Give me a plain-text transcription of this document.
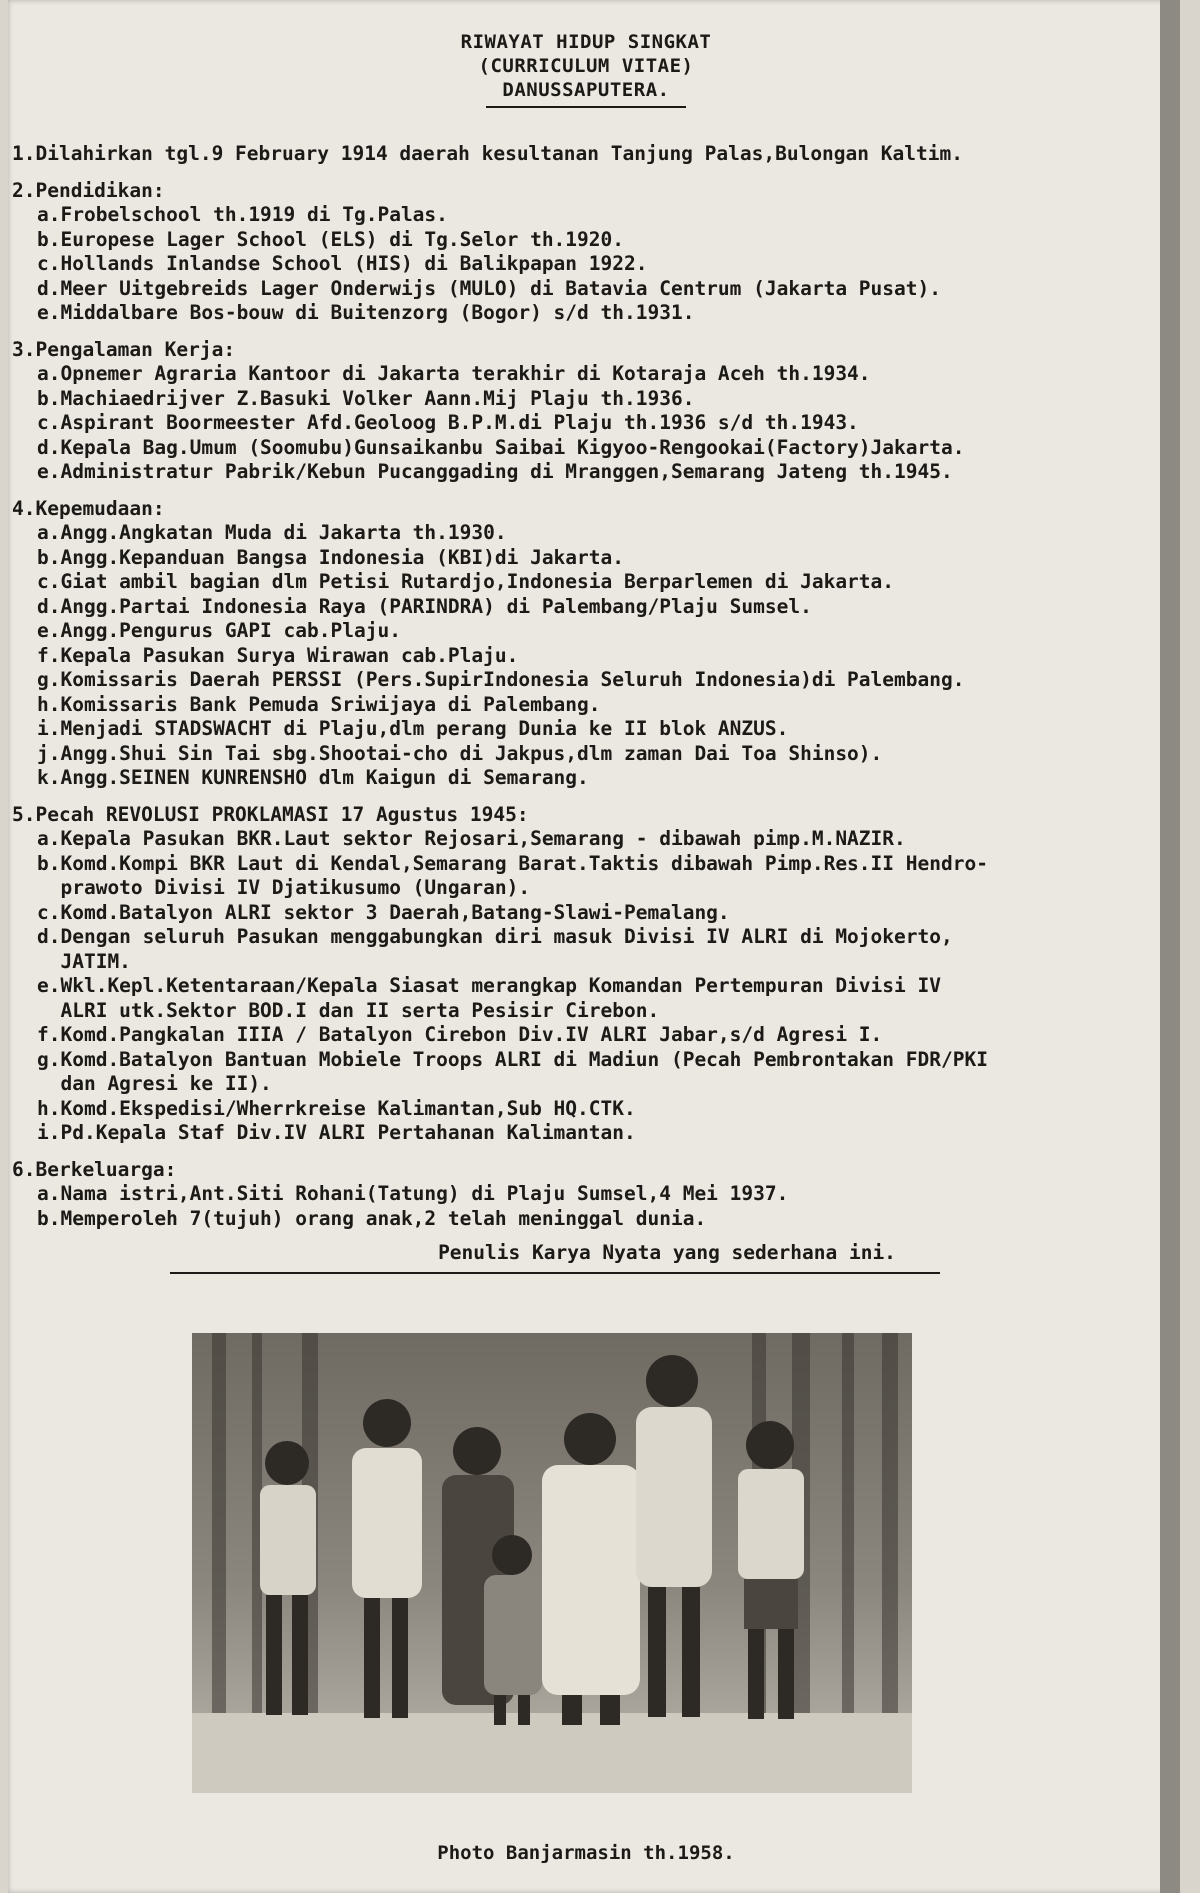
RIWAYAT HIDUP SINGKAT
(CURRICULUM VITAE)
DANUSSAPUTERA.
1.Dilahirkan tgl.9 February 1914 daerah kesultanan Tanjung Palas,Bulongan Kaltim.
2.Pendidikan:
a.Frobelschool th.1919 di Tg.Palas.
b.Europese Lager School (ELS) di Tg.Selor th.1920.
c.Hollands Inlandse School (HIS) di Balikpapan 1922.
d.Meer Uitgebreids Lager Onderwijs (MULO) di Batavia Centrum (Jakarta Pusat).
e.Middalbare Bos-bouw di Buitenzorg (Bogor) s/d th.1931.
3.Pengalaman Kerja:
a.Opnemer Agraria Kantoor di Jakarta terakhir di Kotaraja Aceh th.1934.
b.Machiaedrijver Z.Basuki Volker Aann.Mij Plaju th.1936.
c.Aspirant Boormeester Afd.Geoloog B.P.M.di Plaju th.1936 s/d th.1943.
d.Kepala Bag.Umum (Soomubu)Gunsaikanbu Saibai Kigyoo-Rengookai(Factory)Jakarta.
e.Administratur Pabrik/Kebun Pucanggading di Mranggen,Semarang Jateng th.1945.
4.Kepemudaan:
a.Angg.Angkatan Muda di Jakarta th.1930.
b.Angg.Kepanduan Bangsa Indonesia (KBI)di Jakarta.
c.Giat ambil bagian dlm Petisi Rutardjo,Indonesia Berparlemen di Jakarta.
d.Angg.Partai Indonesia Raya (PARINDRA) di Palembang/Plaju Sumsel.
e.Angg.Pengurus GAPI cab.Plaju.
f.Kepala Pasukan Surya Wirawan cab.Plaju.
g.Komissaris Daerah PERSSI (Pers.SupirIndonesia Seluruh Indonesia)di Palembang.
h.Komissaris Bank Pemuda Sriwijaya di Palembang.
i.Menjadi STADSWACHT di Plaju,dlm perang Dunia ke II blok ANZUS.
j.Angg.Shui Sin Tai sbg.Shootai-cho di Jakpus,dlm zaman Dai Toa Shinso).
k.Angg.SEINEN KUNRENSHO dlm Kaigun di Semarang.
5.Pecah REVOLUSI PROKLAMASI 17 Agustus 1945:
a.Kepala Pasukan BKR.Laut sektor Rejosari,Semarang - dibawah pimp.M.NAZIR.
b.Komd.Kompi BKR Laut di Kendal,Semarang Barat.Taktis dibawah Pimp.Res.II Hendro-
prawoto Divisi IV Djatikusumo (Ungaran).
c.Komd.Batalyon ALRI sektor 3 Daerah,Batang-Slawi-Pemalang.
d.Dengan seluruh Pasukan menggabungkan diri masuk Divisi IV ALRI di Mojokerto,
JATIM.
e.Wkl.Kepl.Ketentaraan/Kepala Siasat merangkap Komandan Pertempuran Divisi IV
ALRI utk.Sektor BOD.I dan II serta Pesisir Cirebon.
f.Komd.Pangkalan IIIA / Batalyon Cirebon Div.IV ALRI Jabar,s/d Agresi I.
g.Komd.Batalyon Bantuan Mobiele Troops ALRI di Madiun (Pecah Pembrontakan FDR/PKI
dan Agresi ke II).
h.Komd.Ekspedisi/Wherrkreise Kalimantan,Sub HQ.CTK.
i.Pd.Kepala Staf Div.IV ALRI Pertahanan Kalimantan.
6.Berkeluarga:
a.Nama istri,Ant.Siti Rohani(Tatung) di Plaju Sumsel,4 Mei 1937.
b.Memperoleh 7(tujuh) orang anak,2 telah meninggal dunia.
Penulis Karya Nyata yang sederhana ini.
Photo Banjarmasin th.1958.
